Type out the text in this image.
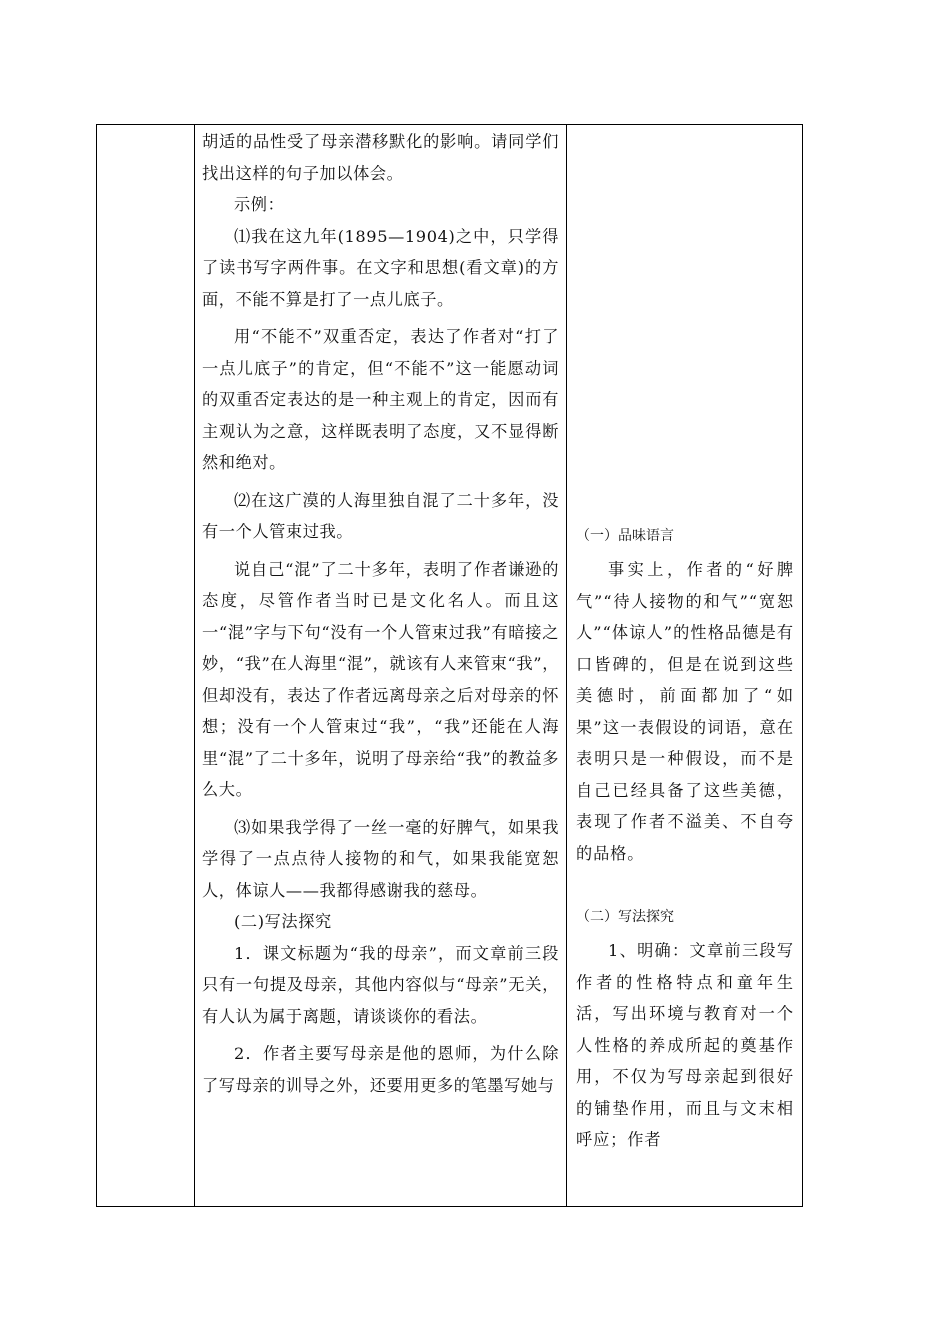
胡适的品性受了母亲潜移默化的影响。请同学们找出这样的句子加以体会。

示例：

⑴我在这九年(1895—1904)之中，只学得了读书写字两件事。在文字和思想(看文章)的方面，不能不算是打了一点儿底子。

用“不能不”双重否定，表达了作者对“打了一点儿底子”的肯定，但“不能不”这一能愿动词的双重否定表达的是一种主观上的肯定，因而有主观认为之意，这样既表明了态度，又不显得断然和绝对。

⑵在这广漠的人海里独自混了二十多年，没有一个人管束过我。

说自己“混”了二十多年，表明了作者谦逊的态度，尽管作者当时已是文化名人。而且这一“混”字与下句“没有一个人管束过我”有暗接之妙，“我”在人海里“混”，就该有人来管束“我”，但却没有，表达了作者远离母亲之后对母亲的怀想；没有一个人管束过“我”，“我”还能在人海里“混”了二十多年，说明了母亲给“我”的教益多么大。

⑶如果我学得了一丝一毫的好脾气，如果我学得了一点点待人接物的和气，如果我能宽恕人，体谅人——我都得感谢我的慈母。

(二)写法探究

1．课文标题为“我的母亲”，而文章前三段只有一句提及母亲，其他内容似与“母亲”无关，有人认为属于离题，请谈谈你的看法。

2．作者主要写母亲是他的恩师，为什么除了写母亲的训导之外，还要用更多的笔墨写她与

（一）品味语言

事实上，作者的“好脾气”“待人接物的和气”“宽恕人”“体谅人”的性格品德是有口皆碑的，但是在说到这些美德时，前面都加了“如果”这一表假设的词语，意在表明只是一种假设，而不是自己已经具备了这些美德，表现了作者不溢美、不自夸的品格。

（二）写法探究

1、明确：文章前三段写作者的性格特点和童年生活，写出环境与教育对一个人性格的养成所起的奠基作用，不仅为写母亲起到很好的铺垫作用，而且与文末相呼应；作者
